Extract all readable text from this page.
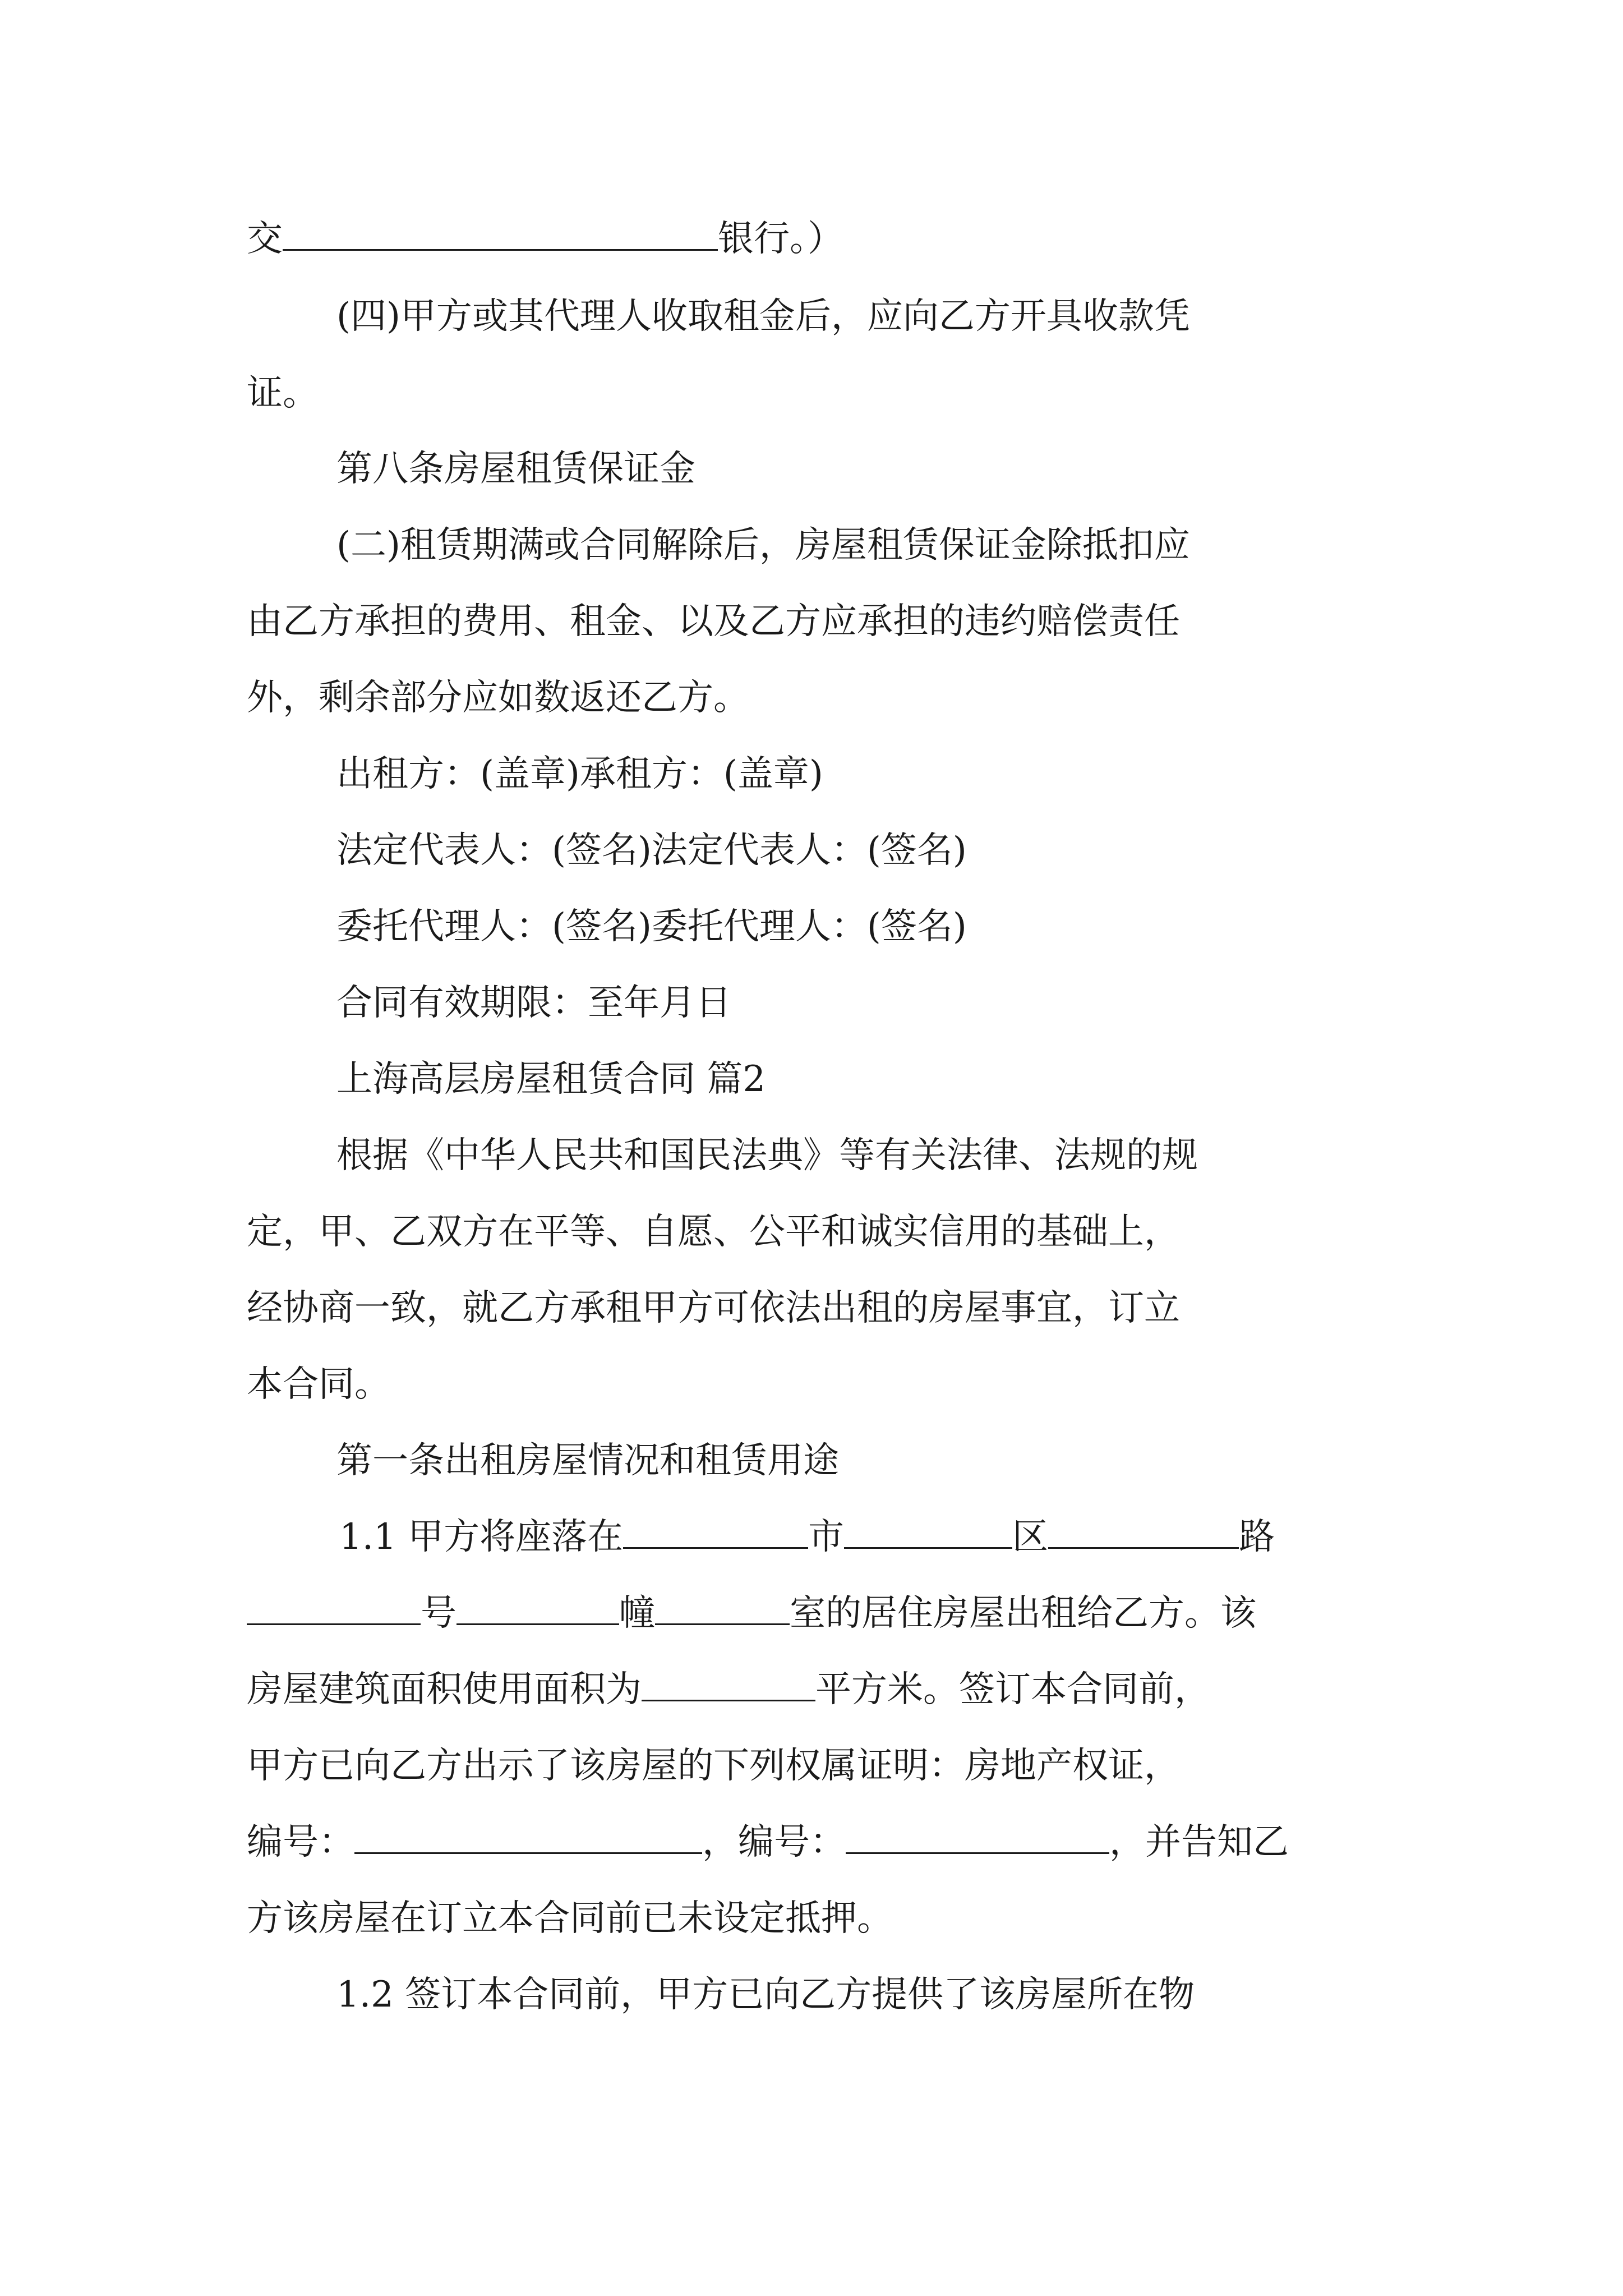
交	银行。）

(四)甲方或其代理人收取租金后，应向乙方开具收款凭

证。

第八条房屋租赁保证金

(二)租赁期满或合同解除后，房屋租赁保证金除抵扣应

由乙方承担的费用、租金、以及乙方应承担的违约赔偿责任

外，剩余部分应如数返还乙方。

出租方：(盖章)承租方：(盖章)

法定代表人：(签名)法定代表人：(签名)

委托代理人：(签名)委托代理人：(签名)

合同有效期限：至年月日

上海高层房屋租赁合同 篇2

根据《中华人民共和国民法典》等有关法律、法规的规

定，甲、乙双方在平等、自愿、公平和诚实信用的基础上，

经协商一致，就乙方承租甲方可依法出租的房屋事宜，订立

本合同。

第一条出租房屋情况和租赁用途

1.1 甲方将座落在	市	区	路

号	幢	室的居住房屋出租给乙方。该

房屋建筑面积使用面积为	平方米。签订本合同前，

甲方已向乙方出示了该房屋的下列权属证明：房地产权证，

编号：	，编号：	，并告知乙

方该房屋在订立本合同前已未设定抵押。

1.2 签订本合同前，甲方已向乙方提供了该房屋所在物
